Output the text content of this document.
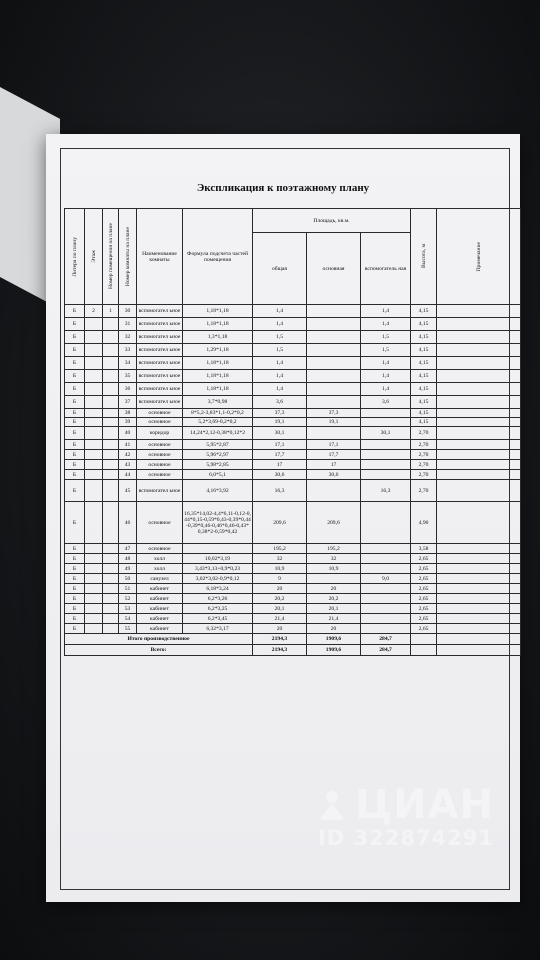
Экспликация к поэтажному плану
Литера по плану	Этаж	Номер помещения на плане	Номер комнаты на плане	Наименование комнаты	Формула подсчета частей помещения	Площадь, кв.м.			Высота, м	Примечание

						общая	основная	вспомогатель ная		
Б	2	1	30	вспомогател ьное	1,18*1,18	1,4		1,4	4,15	
Б			31	вспомогател ьное	1,18*1,18	1,4		1,4	4,15	
Б			32	вспомогател ьное	1,3*1,18	1,5		1,5	4,15	
Б			33	вспомогател ьное	1,29*1,18	1,5		1,5	4,15	
Б			34	вспомогател ьное	1,18*1,18	1,4		1,4	4,15	
Б			35	вспомогател ьное	1,18*1,18	1,4		1,4	4,15	
Б			36	вспомогател ьное	1,18*1,18	1,4		1,4	4,15	
Б			37	вспомогател ьное	3,7*0,98	3,6		3,6	4,15	
Б			38	основное	8*5,2-3,83*1,1-0,2*0,2	37,3	37,3		4,15	
Б			39	основное	5,2*3,69-0,2*0,2	19,1	19,1		4,15	
Б			40	коридор	14,24*2,12-0,38*0,12*2	30,1		30,1	2,70	
Б			41	основное	5,95*2,87	17,1	17,1		2,70	
Б			42	основное	5,96*2,97	17,7	17,7		2,70	
Б			43	основное	5,98*2,85	17	17		2,70	
Б			44	основное	6,0*5,1	30,6	30,6		2,70	
Б			45	вспомогател ьное	4,16*3,92	16,3		16,3	2,70	
Б			46	основное	16,35*14,02-4,4*6,11-0,12-0,44*0,15-0,59*0,43-0,39*0,44-0,39*0,46-0,46*0,46-0,43*0,38*2-0,59*0,42	209,6	209,6		4,90	
Б			47	основное		195,2	195,2		3,58	
Б			48	холл	10,02*3,19	32	32		2,65	
Б			49	холл	3,43*3,13+0,9*0,23	10,9	10,9		2,65	
Б			50	санузел	3,02*3,02-0,9*0,12	9		9,0	2,65	
Б			51	кабинет	6,18*3,24	20	20		2,65	
Б			52	кабинет	6,2*3,26	20,2	20,2		2,65	
Б			53	кабинет	6,2*3,25	20,1	20,1		2,65	
Б			54	кабинет	6,2*3,45	21,4	21,4		2,65	
Б			55	кабинет	6,32*3,17	20	20		2,65	
Итого производственное						2194,3	1909,6	284,7		
Всего:						2194,3	1909,6	284,7		
ЦИАН
ID 322874291
